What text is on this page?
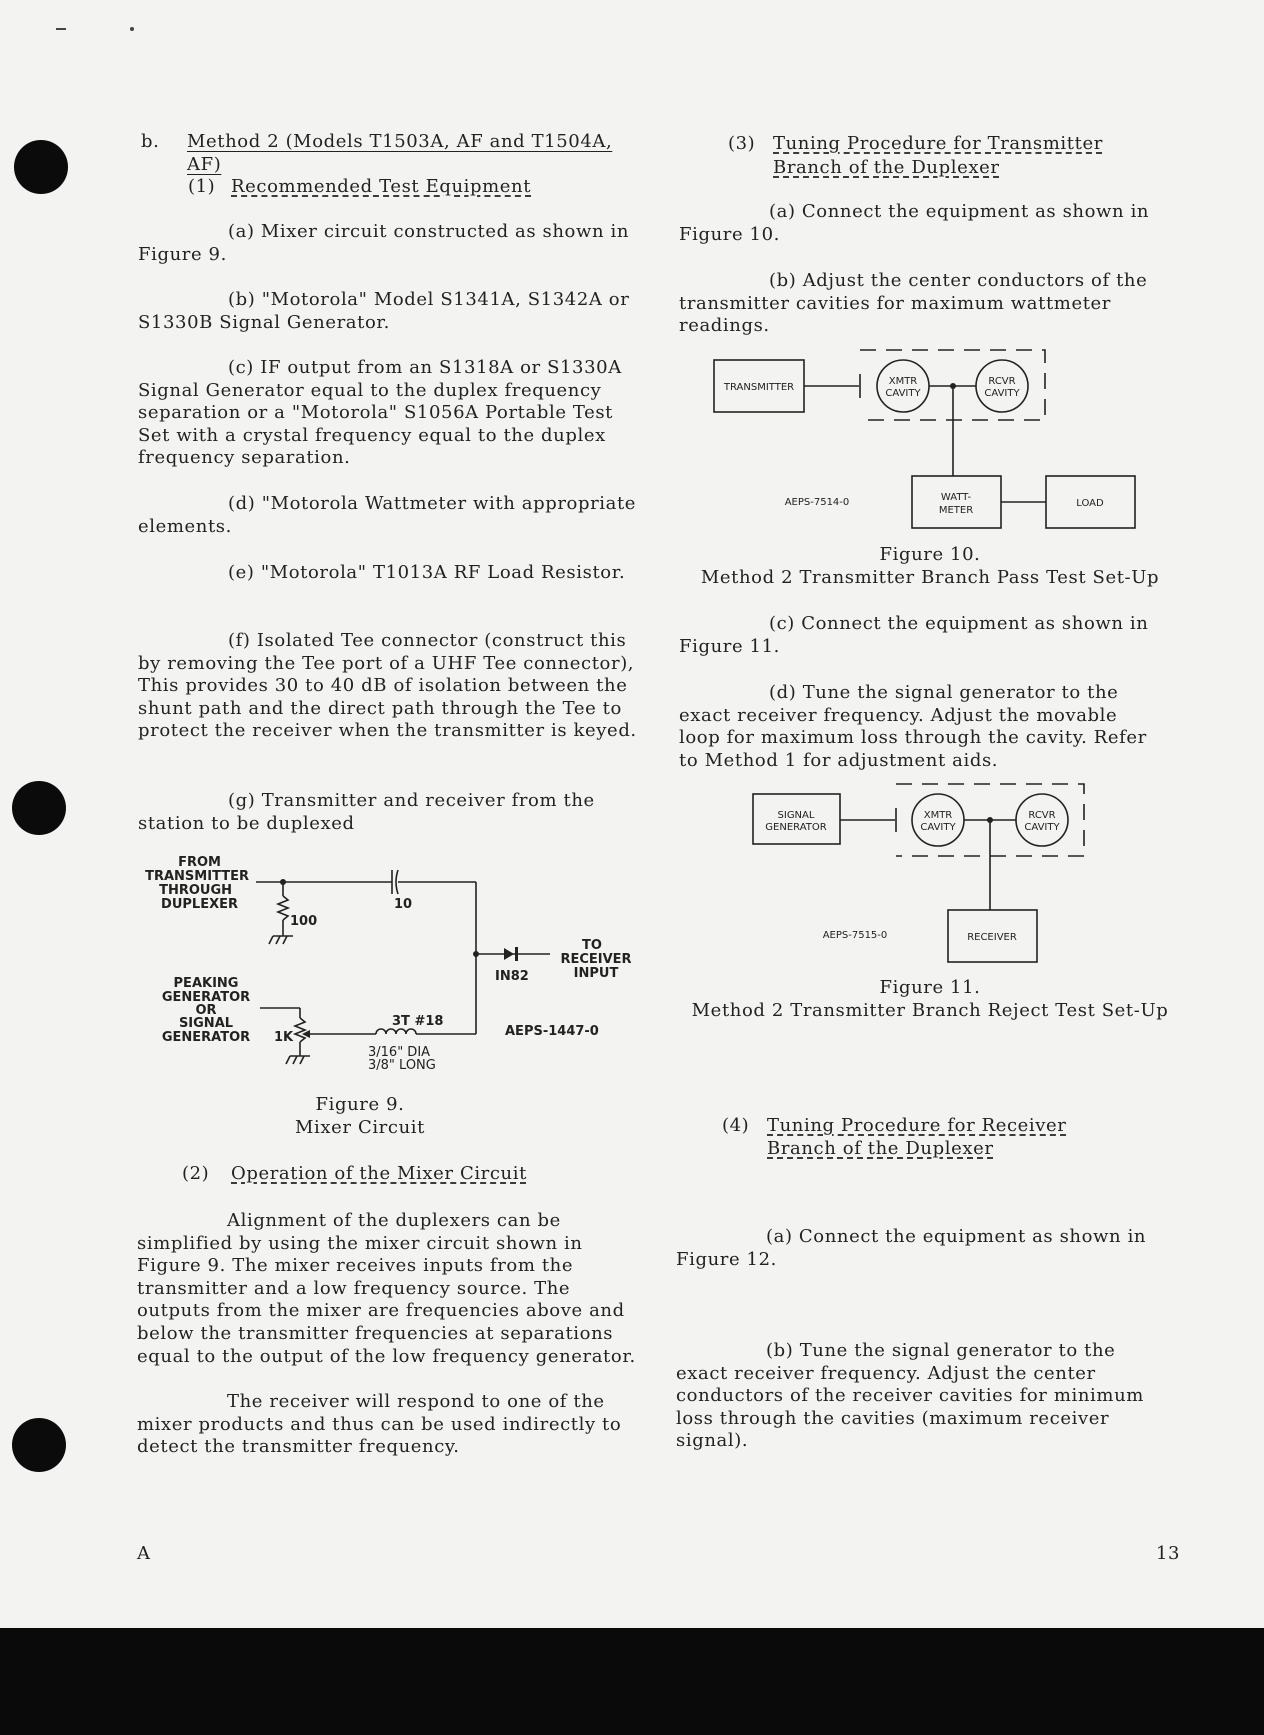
b. Method 2 (Models T1503A, AF and T1504A, AF)
(1) Recommended Test Equipment
(a) Mixer circuit constructed as shown in Figure 9.
(b) "Motorola" Model S1341A, S1342A or S1330B Signal Generator.
(c) IF output from an S1318A or S1330A Signal Generator equal to the duplex frequency separation or a "Motorola" S1056A Portable Test Set with a crystal frequency equal to the duplex frequency separation.
(d) "Motorola Wattmeter with appropriate elements.
(e) "Motorola" T1013A RF Load Resistor.
(f) Isolated Tee connector (construct this by removing the Tee port of a UHF Tee connector), This provides 30 to 40 dB of isolation between the shunt path and the direct path through the Tee to protect the receiver when the transmitter is keyed.
(g) Transmitter and receiver from the station to be duplexed
FROM
TRANSMITTER
THROUGH
DUPLEXER
100
10
IN82
TO
RECEIVER
INPUT
1K
3T #18
3/16" DIA
3/8" LONG
AEPS-1447-0
PEAKING
GENERATOR
OR
SIGNAL
GENERATOR
Figure 9.
Mixer Circuit
(2) Operation of the Mixer Circuit
Alignment of the duplexers can be simplified by using the mixer circuit shown in Figure 9. The mixer receives inputs from the transmitter and a low frequency source. The outputs from the mixer are frequencies above and below the transmitter frequencies at separations equal to the output of the low frequency generator.
The receiver will respond to one of the mixer products and thus can be used indirectly to detect the transmitter frequency.
(3) Tuning Procedure for Transmitter
Branch of the Duplexer
(a) Connect the equipment as shown in Figure 10.
(b) Adjust the center conductors of the transmitter cavities for maximum wattmeter readings.
TRANSMITTER
XMTR
CAVITY
RCVR
CAVITY
WATT-
METER
LOAD
AEPS-7514-0
Figure 10.
Method 2 Transmitter Branch Pass Test Set-Up
(c) Connect the equipment as shown in Figure 11.
(d) Tune the signal generator to the exact receiver frequency. Adjust the movable loop for maximum loss through the cavity. Refer to Method 1 for adjustment aids.
SIGNAL
GENERATOR
XMTR
CAVITY
RCVR
CAVITY
RECEIVER
AEPS-7515-0
Figure 11.
Method 2 Transmitter Branch Reject Test Set-Up
(4) Tuning Procedure for Receiver
Branch of the Duplexer
(a) Connect the equipment as shown in Figure 12.
(b) Tune the signal generator to the exact receiver frequency. Adjust the center conductors of the receiver cavities for minimum loss through the cavities (maximum receiver signal).
A	13
